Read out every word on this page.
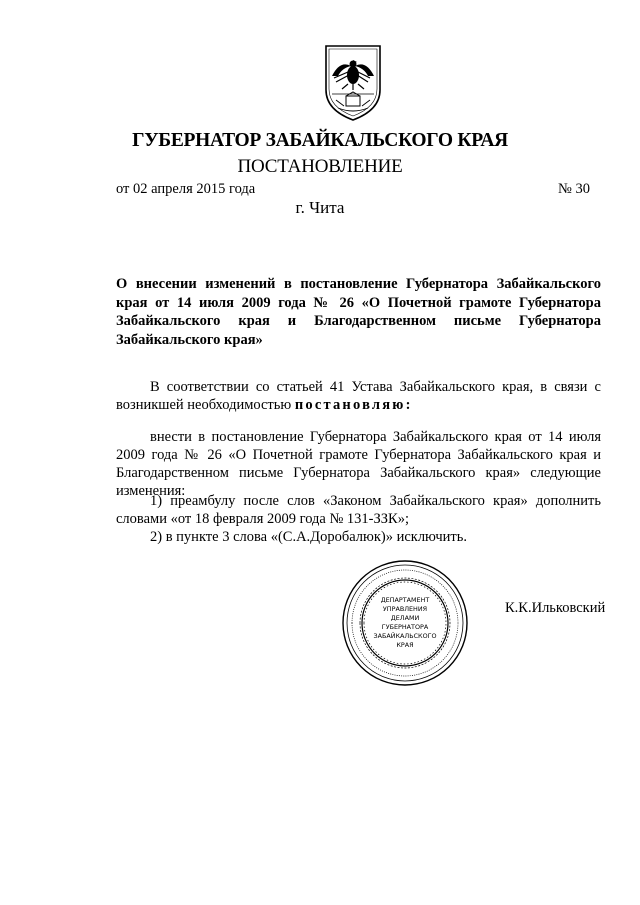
ГУБЕРНАТОР ЗАБАЙКАЛЬСКОГО КРАЯ
ПОСТАНОВЛЕНИЕ
от 02 апреля 2015 года	№ 30
г. Чита
О внесении изменений в постановление Губернатора Забайкальского края от 14 июля 2009 года № 26 «О Почетной грамоте Губернатора Забайкальского края и Благодарственном письме Губернатора Забайкальского края»
В соответствии со статьей 41 Устава Забайкальского края, в связи с возникшей необходимостью постановляю:
внести в постановление Губернатора Забайкальского края от 14 июля 2009 года № 26 «О Почетной грамоте Губернатора Забайкальского края и Благодарственном письме Губернатора Забайкальского края» следующие изменения:
1) преамбулу после слов «Законом Забайкальского края» дополнить словами «от 18 февраля 2009 года № 131-ЗЗК»;
2) в пункте 3 слова «(С.А.Доробалюк)» исключить.
ДЕПАРТАМЕНТ
УПРАВЛЕНИЯ
ДЕЛАМИ
ГУБЕРНАТОРА
ЗАБАЙКАЛЬСКОГО
КРАЯ
К.К.Ильковский
